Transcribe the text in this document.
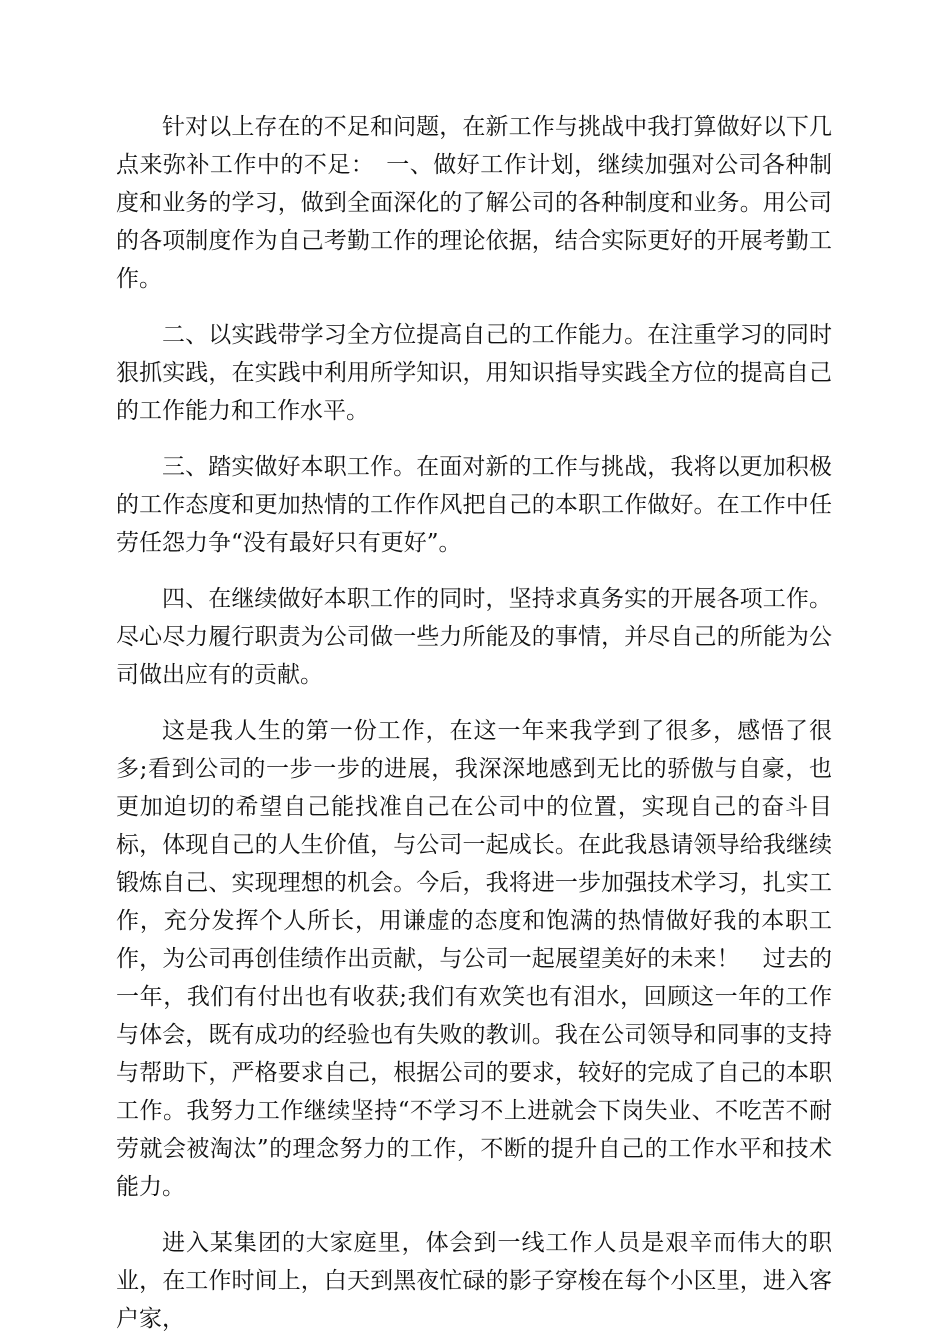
针对以上存在的不足和问题，在新工作与挑战中我打算做好以下几点来弥补工作中的不足：　一、做好工作计划，继续加强对公司各种制度和业务的学习，做到全面深化的了解公司的各种制度和业务。用公司的各项制度作为自己考勤工作的理论依据，结合实际更好的开展考勤工作。

二、以实践带学习全方位提高自己的工作能力。在注重学习的同时狠抓实践，在实践中利用所学知识，用知识指导实践全方位的提高自己的工作能力和工作水平。

三、踏实做好本职工作。在面对新的工作与挑战，我将以更加积极的工作态度和更加热情的工作作风把自己的本职工作做好。在工作中任劳任怨力争“没有最好只有更好”。

四、在继续做好本职工作的同时，坚持求真务实的开展各项工作。尽心尽力履行职责为公司做一些力所能及的事情，并尽自己的所能为公司做出应有的贡献。

这是我人生的第一份工作，在这一年来我学到了很多，感悟了很多;看到公司的一步一步的进展，我深深地感到无比的骄傲与自豪，也更加迫切的希望自己能找准自己在公司中的位置，实现自己的奋斗目标，体现自己的人生价值，与公司一起成长。在此我恳请领导给我继续锻炼自己、实现理想的机会。今后，我将进一步加强技术学习，扎实工作，充分发挥个人所长，用谦虚的态度和饱满的热情做好我的本职工作，为公司再创佳绩作出贡献，与公司一起展望美好的未来！　过去的一年，我们有付出也有收获;我们有欢笑也有泪水，回顾这一年的工作与体会，既有成功的经验也有失败的教训。我在公司领导和同事的支持与帮助下，严格要求自己，根据公司的要求，较好的完成了自己的本职工作。我努力工作继续坚持“不学习不上进就会下岗失业、不吃苦不耐劳就会被淘汰”的理念努力的工作，不断的提升自己的工作水平和技术能力。

进入某集团的大家庭里，体会到一线工作人员是艰辛而伟大的职业，在工作时间上，白天到黑夜忙碌的影子穿梭在每个小区里，进入客户家，
